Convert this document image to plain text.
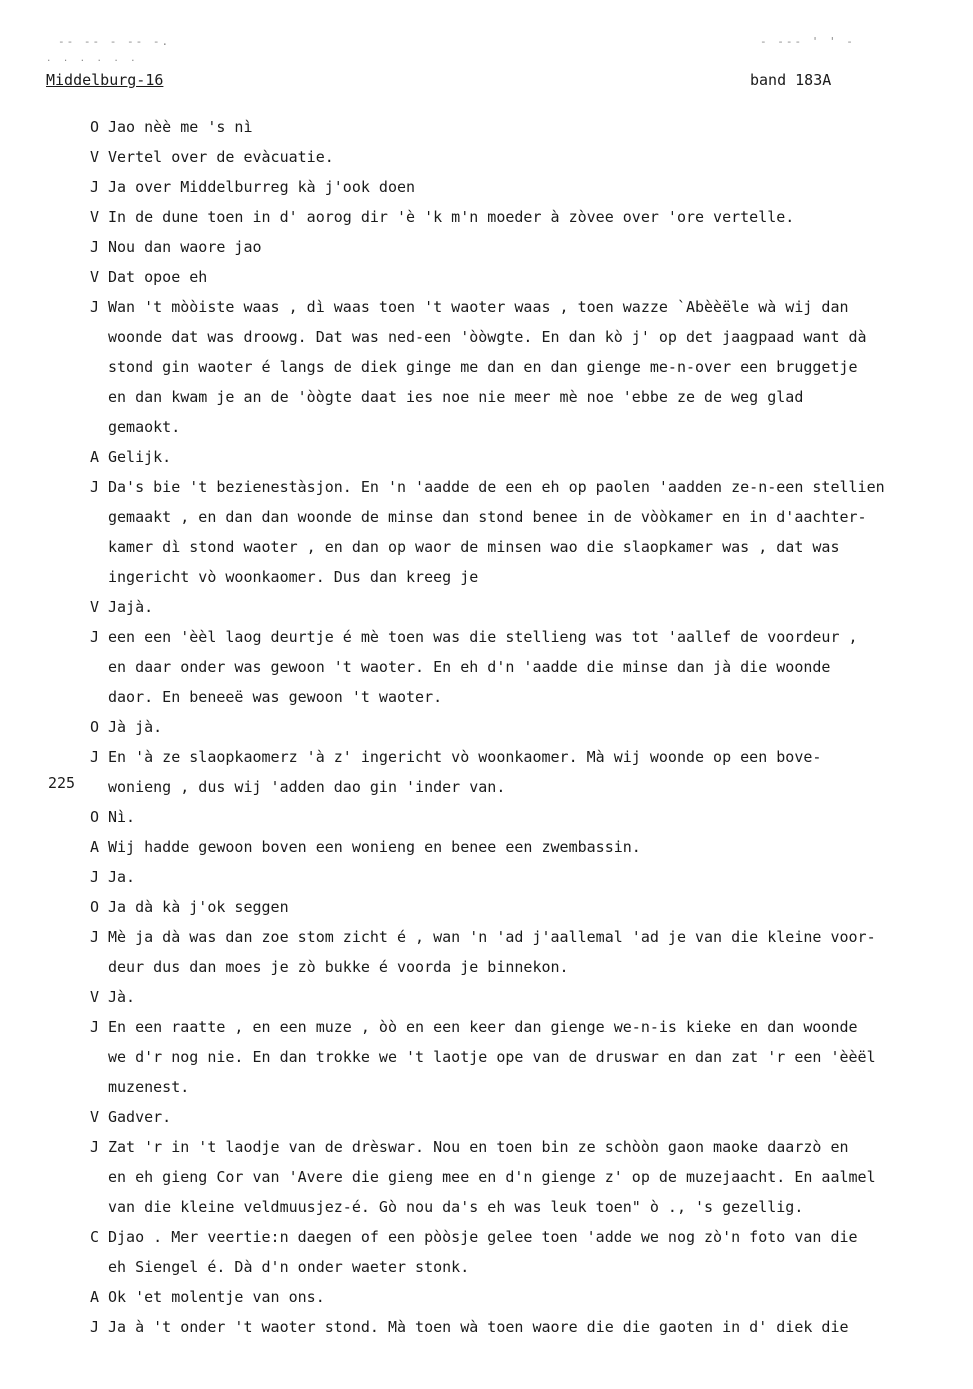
-- -- - -- -.	- --- ' ' -
. . . . . .
Middelburg-16	band 183A
225
O Jao nèè me 's nì
V Vertel over de evàcuatie.
J Ja over Middelburreg kà j'ook doen
V In de dune toen in d' aorog dir 'è 'k m'n moeder à zòvee over 'ore vertelle.
J Nou dan waore jao
V Dat opoe eh
J Wan 't mòòiste waas , dì waas toen 't waoter waas , toen wazze `Abèèële wà wij dan
woonde dat was droowg. Dat was ned-een 'òòwgte. En dan kò j' op det jaagpaad want dà
stond gin waoter é langs de diek ginge me dan en dan gienge me-n-over een bruggetje
en dan kwam je an de 'òògte daat ies noe nie meer mè noe 'ebbe ze de weg glad
gemaokt.
A Gelijk.
J Da's bie 't bezienestàsjon. En 'n 'aadde de een eh op paolen 'aadden ze-n-een stellien
gemaakt , en dan dan woonde de minse dan stond benee in de vòòkamer en in d'aachter-
kamer dì stond waoter , en dan op waor de minsen wao die slaopkamer was , dat was
ingericht vò woonkaomer. Dus dan kreeg je
V Jajà.
J een een 'èèl laog deurtje é mè toen was die stellieng was tot 'aallef de voordeur ,
en daar onder was gewoon 't waoter. En eh d'n 'aadde die minse dan jà die woonde
daor. En beneeë was gewoon 't waoter.
O Jà jà.
J En 'à ze slaopkaomerz 'à z' ingericht vò woonkaomer. Mà wij woonde op een bove-
wonieng , dus wij 'adden dao gin 'inder van.
O Nì.
A Wij hadde gewoon boven een wonieng en benee een zwembassin.
J Ja.
O Ja dà kà j'ok seggen
J Mè ja dà was dan zoe stom zicht é , wan 'n 'ad j'aallemal 'ad je van die kleine voor-
deur dus dan moes je zò bukke é voorda je binnekon.
V Jà.
J En een raatte , en een muze , òò en een keer dan gienge we-n-is kieke en dan woonde
we d'r nog nie. En dan trokke we 't laotje ope van de druswar en dan zat 'r een 'èèël
muzenest.
V Gadver.
J Zat 'r in 't laodje van de drèswar. Nou en toen bin ze schòòn gaon maoke daarzò en
en eh gieng Cor van 'Avere die gieng mee en d'n gienge z' op de muzejaacht. En aalmel
van die kleine veldmuusjez-é. Gò nou da's eh was leuk toen" ò ., 's gezellig.
C Djao . Mer veertie:n daegen of een pòòsje gelee toen 'adde we nog zò'n foto van die
eh Siengel é. Dà d'n onder waeter stonk.
A Ok 'et molentje van ons.
J Ja à 't onder 't waoter stond. Mà toen wà toen waore die die gaoten in d' diek die
